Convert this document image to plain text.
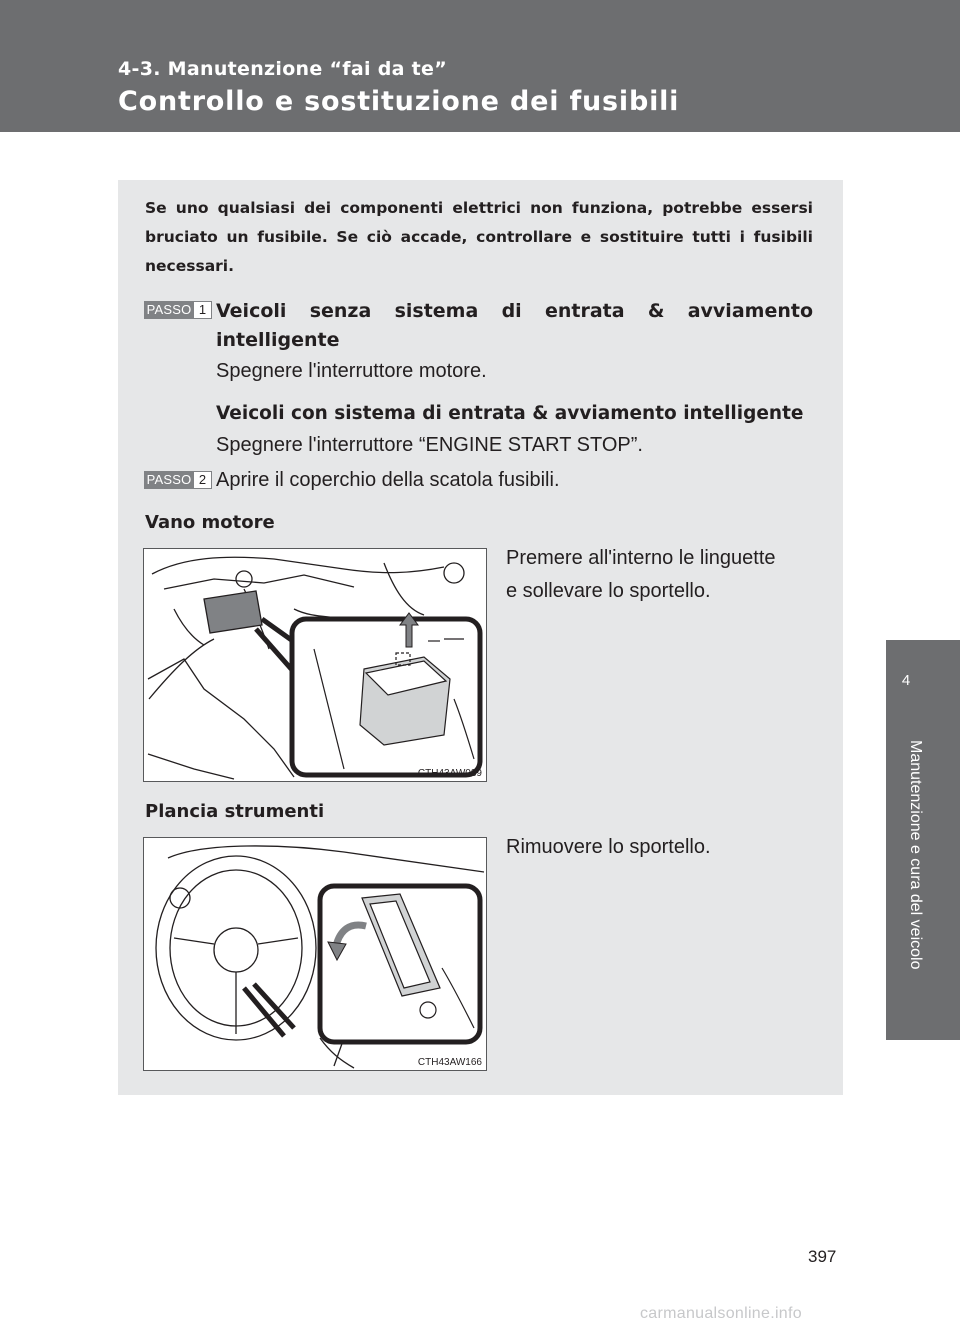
4-3. Manutenzione “fai da te”
Controllo e sostituzione dei fusibili
4
Manutenzione e cura del veicolo
Se uno qualsiasi dei componenti elettrici non funziona, potrebbe essersi bruciato un fusibile. Se ciò accade, controllare e sostituire tutti i fusibili necessari.
PASSO 1 Veicoli senza sistema di entrata & avviamento
intelligente
Spegnere l'interruttore motore.
Veicoli con sistema di entrata & avviamento intelligente
Spegnere l'interruttore “ENGINE START STOP”.
PASSO 2 Aprire il coperchio della scatola fusibili.
Vano motore
Premere all'interno le linguette
e sollevare lo sportello.
CTH43AW039
Plancia strumenti
Rimuovere lo sportello.
CTH43AW166
397
carmanualsonline.info
